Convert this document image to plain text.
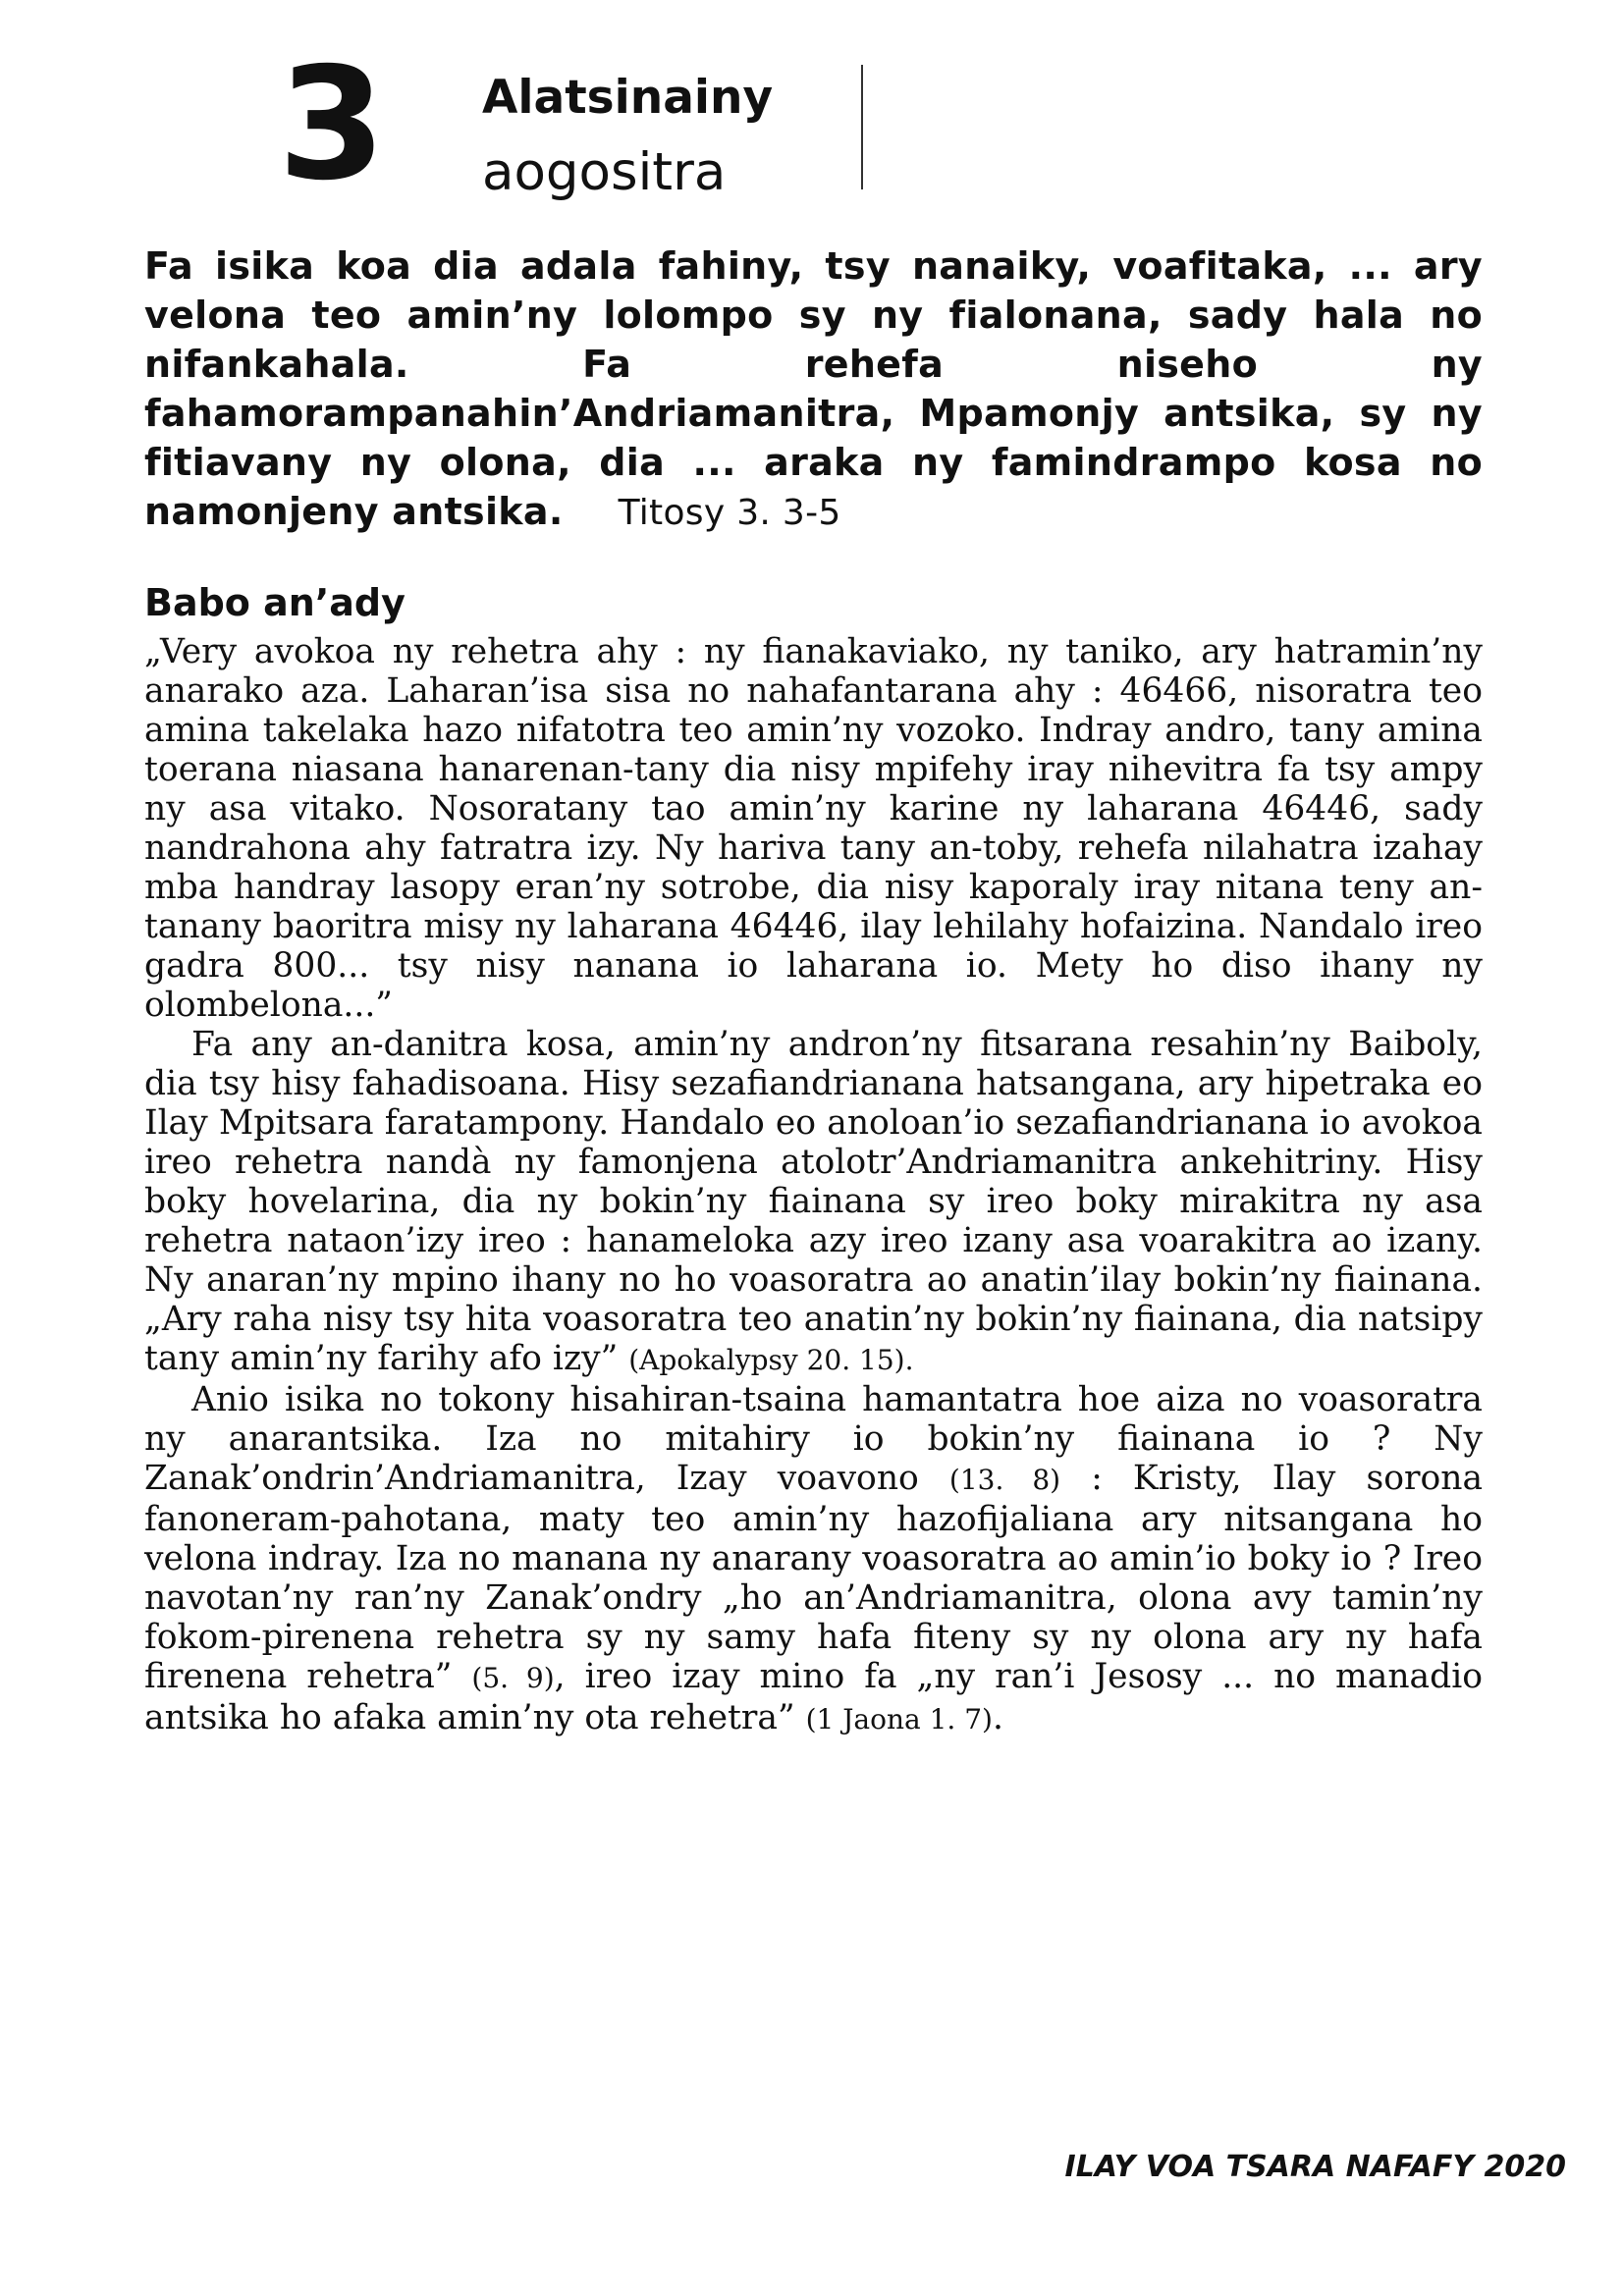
3 Alatsinainy
aogositra
Fa isika koa dia adala fahiny, tsy nanaiky, voafitaka, ... ary velona teo amin’ny lolompo sy ny fialonana, sady hala no nifankahala. Fa rehefa niseho ny fahamorampanahin’Andriamanitra, Mpamonjy antsika, sy ny fitiavany ny olona, dia ... araka ny famindrampo kosa no namonjeny antsika. Titosy 3. 3-5
Babo an’ady

„Very avokoa ny rehetra ahy : ny fianakaviako, ny taniko, ary hatramin’ny anarako aza. Laharan’isa sisa no nahafantarana ahy : 46466, nisoratra teo amina takelaka hazo nifatotra teo amin’ny vozoko. Indray andro, tany amina toerana niasana hanarenan-tany dia nisy mpifehy iray nihevitra fa tsy ampy ny asa vitako. Nosoratany tao amin’ny karine ny laharana 46446, sady nandrahona ahy fatratra izy. Ny hariva tany an-toby, rehefa nilahatra izahay mba handray lasopy eran’ny sotrobe, dia nisy kaporaly iray nitana teny an-tanany baoritra misy ny laharana 46446, ilay lehilahy hofaizina. Nandalo ireo gadra 800... tsy nisy nanana io laharana io. Mety ho diso ihany ny olombelona...”

Fa any an-danitra kosa, amin’ny andron’ny fitsarana resahin’ny Baiboly, dia tsy hisy fahadisoana. Hisy sezafiandrianana hatsangana, ary hipetraka eo Ilay Mpitsara faratampony. Handalo eo anoloan’io sezafiandrianana io avokoa ireo rehetra nandà ny famonjena atolotr’Andriamanitra ankehitriny. Hisy boky hovelarina, dia ny bokin’ny fiainana sy ireo boky mirakitra ny asa rehetra nataon’izy ireo : hanameloka azy ireo izany asa voarakitra ao izany. Ny anaran’ny mpino ihany no ho voasoratra ao anatin’ilay bokin’ny fiainana. „Ary raha nisy tsy hita voasoratra teo anatin’ny bokin’ny fiainana, dia natsipy tany amin’ny farihy afo izy” (Apokalypsy 20. 15).

Anio isika no tokony hisahiran-tsaina hamantatra hoe aiza no voasoratra ny anarantsika. Iza no mitahiry io bokin’ny fiainana io ? Ny Zanak’ondrin’Andriamanitra, Izay voavono (13. 8) : Kristy, Ilay sorona fanoneram-pahotana, maty teo amin’ny hazofijaliana ary nitsangana ho velona indray. Iza no manana ny anarany voasoratra ao amin’io boky io ? Ireo navotan’ny ran’ny Zanak’ondry „ho an’Andriamanitra, olona avy tamin’ny fokom-pirenena rehetra sy ny samy hafa fiteny sy ny olona ary ny hafa firenena rehetra” (5. 9), ireo izay mino fa „ny ran’i Jesosy ... no manadio antsika ho afaka amin’ny ota rehetra” (1 Jaona 1. 7).

ILAY VOA TSARA NAFAFY 2020
